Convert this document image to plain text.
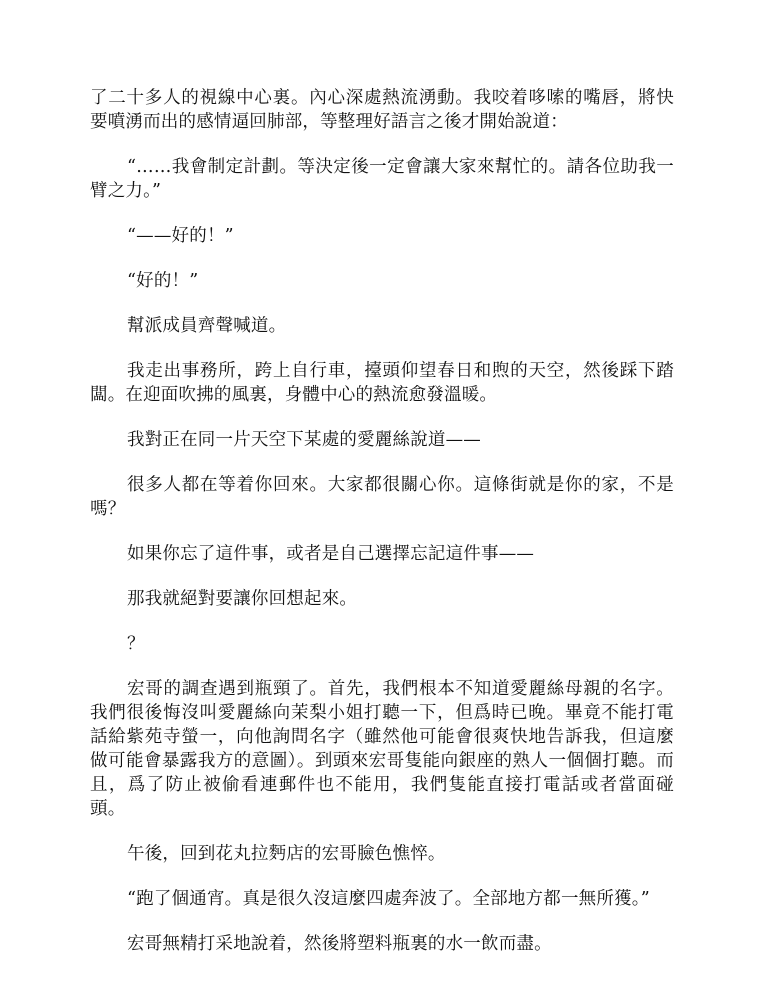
了二十多人的視線中心裏。內心深處熱流湧動。我咬着哆嗦的嘴唇，將快要噴湧而出的感情逼回肺部，等整理好語言之後才開始說道：

“……我會制定計劃。等決定後一定會讓大家來幫忙的。請各位助我一臂之力。”

“——好的！”

“好的！”

幫派成員齊聲喊道。

我走出事務所，跨上自行車，擡頭仰望春日和煦的天空，然後踩下踏闆。在迎面吹拂的風裏，身體中心的熱流愈發溫暖。

我對正在同一片天空下某處的愛麗絲說道——

很多人都在等着你回來。大家都很關心你。這條街就是你的家，不是嗎？

如果你忘了這件事，或者是自己選擇忘記這件事——

那我就絕對要讓你回想起來。

？

宏哥的調查遇到瓶頸了。首先，我們根本不知道愛麗絲母親的名字。我們很後悔沒叫愛麗絲向茉梨小姐打聽一下，但爲時已晚。畢竟不能打電話給紫苑寺螢一，向他詢問名字（雖然他可能會很爽快地告訴我，但這麼做可能會暴露我方的意圖）。到頭來宏哥隻能向銀座的熟人一個個打聽。而且，爲了防止被偷看連郵件也不能用，我們隻能直接打電話或者當面碰頭。

午後，回到花丸拉麪店的宏哥臉色憔悴。

“跑了個通宵。真是很久沒這麼四處奔波了。全部地方都一無所獲。”

宏哥無精打采地說着，然後將塑料瓶裏的水一飲而盡。
